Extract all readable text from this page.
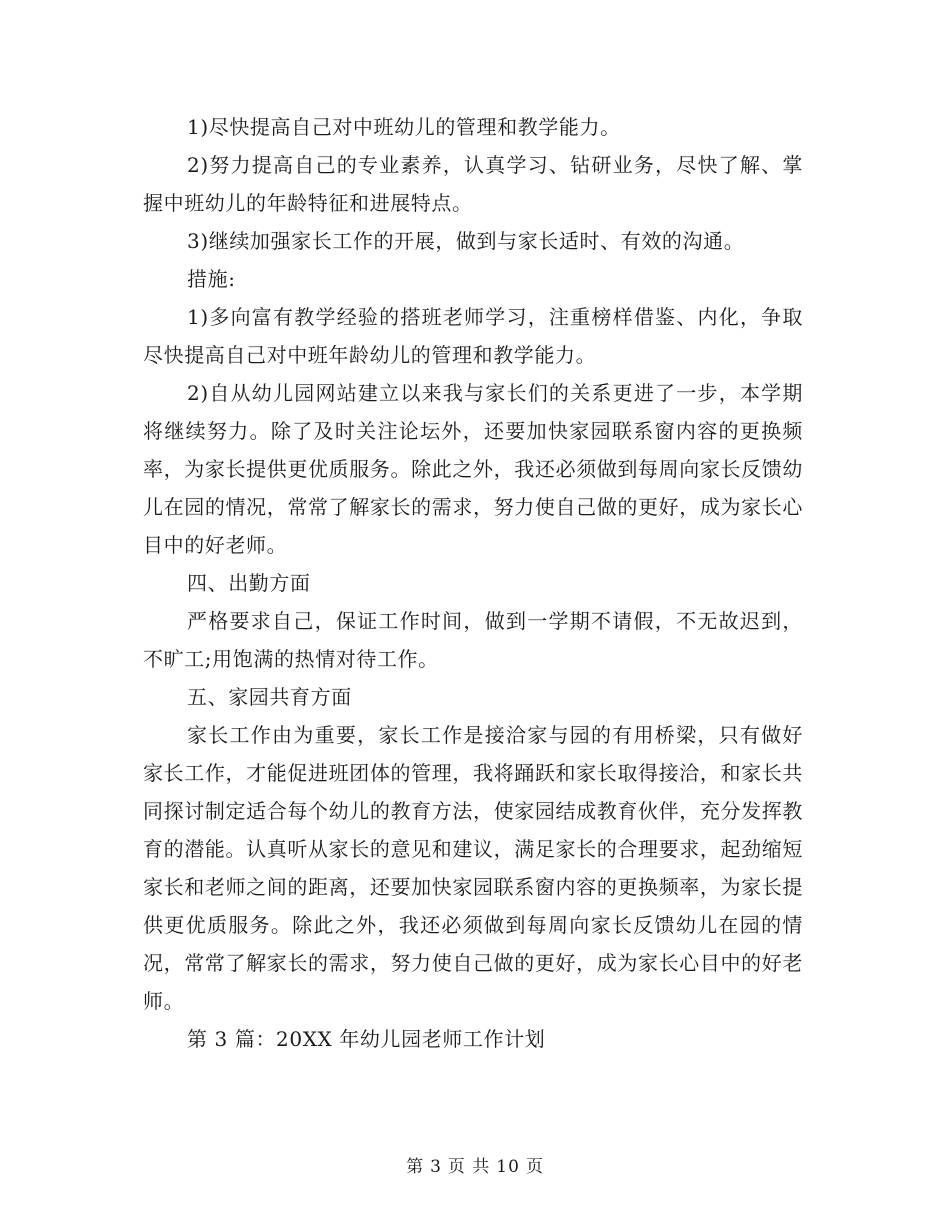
1)尽快提高自己对中班幼儿的管理和教学能力。

2)努力提高自己的专业素养，认真学习、钻研业务，尽快了解、掌握中班幼儿的年龄特征和进展特点。

3)继续加强家长工作的开展，做到与家长适时、有效的沟通。

措施:

1)多向富有教学经验的搭班老师学习，注重榜样借鉴、内化，争取尽快提高自己对中班年龄幼儿的管理和教学能力。

2)自从幼儿园网站建立以来我与家长们的关系更进了一步，本学期将继续努力。除了及时关注论坛外，还要加快家园联系窗内容的更换频率，为家长提供更优质服务。除此之外，我还必须做到每周向家长反馈幼儿在园的情况，常常了解家长的需求，努力使自己做的更好，成为家长心目中的好老师。

四、出勤方面

严格要求自己，保证工作时间，做到一学期不请假，不无故迟到，不旷工;用饱满的热情对待工作。

五、家园共育方面

家长工作由为重要，家长工作是接洽家与园的有用桥梁，只有做好家长工作，才能促进班团体的管理，我将踊跃和家长取得接洽，和家长共同探讨制定适合每个幼儿的教育方法，使家园结成教育伙伴，充分发挥教育的潜能。认真听从家长的意见和建议，满足家长的合理要求，起劲缩短家长和老师之间的距离，还要加快家园联系窗内容的更换频率，为家长提供更优质服务。除此之外，我还必须做到每周向家长反馈幼儿在园的情况，常常了解家长的需求，努力使自己做的更好，成为家长心目中的好老师。

第 3 篇：20XX 年幼儿园老师工作计划

第 3 页 共 10 页
